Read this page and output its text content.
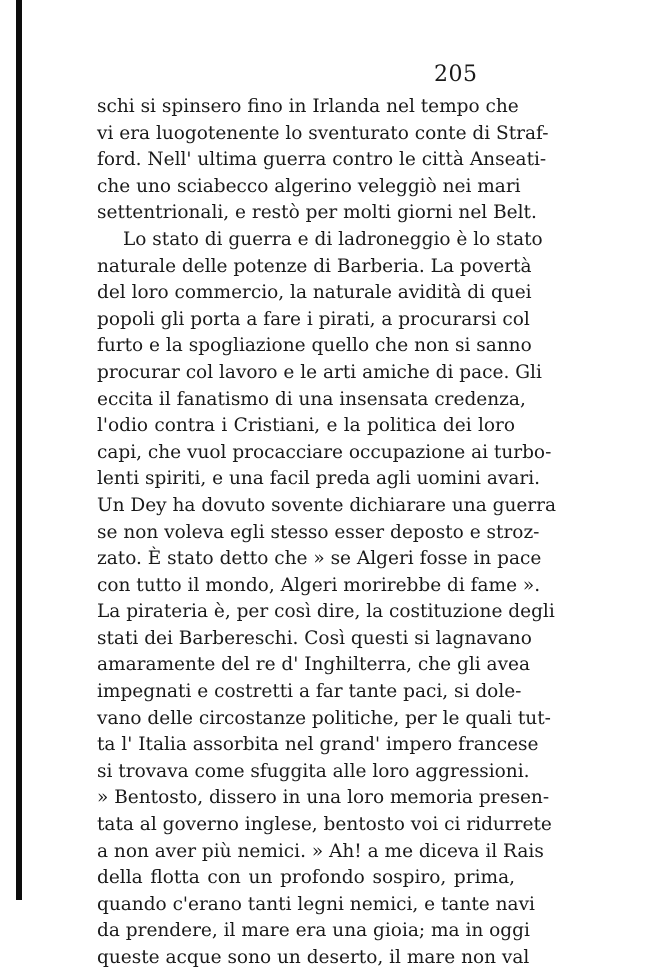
205
schi si spinsero fino in Irlanda nel tempo che
vi era luogotenente lo sventurato conte di Straf-
ford. Nell' ultima guerra contro le città Anseati-
che uno sciabecco algerino veleggiò nei mari
settentrionali, e restò per molti giorni nel Belt.
Lo stato di guerra e di ladroneggio è lo stato
naturale delle potenze di Barberia. La povertà
del loro commercio, la naturale avidità di quei
popoli gli porta a fare i pirati, a procurarsi col
furto e la spogliazione quello che non si sanno
procurar col lavoro e le arti amiche di pace. Gli
eccita il fanatismo di una insensata credenza,
l'odio contra i Cristiani, e la politica dei loro
capi, che vuol procacciare occupazione ai turbo-
lenti spiriti, e una facil preda agli uomini avari.
Un Dey ha dovuto sovente dichiarare una guerra
se non voleva egli stesso esser deposto e stroz-
zato. È stato detto che » se Algeri fosse in pace
con tutto il mondo, Algeri morirebbe di fame ».
La pirateria è, per così dire, la costituzione degli
stati dei Barbereschi. Così questi si lagnavano
amaramente del re d' Inghilterra, che gli avea
impegnati e costretti a far tante paci, si dole-
vano delle circostanze politiche, per le quali tut-
ta l' Italia assorbita nel grand' impero francese
si trovava come sfuggita alle loro aggressioni.
» Bentosto, dissero in una loro memoria presen-
tata al governo inglese, bentosto voi ci ridurrete
a non aver più nemici. » Ah! a me diceva il Rais
della flotta con un profondo sospiro, prima,
quando c'erano tanti legni nemici, e tante navi
da prendere, il mare era una gioia; ma in oggi
queste acque sono un deserto, il mare non val
